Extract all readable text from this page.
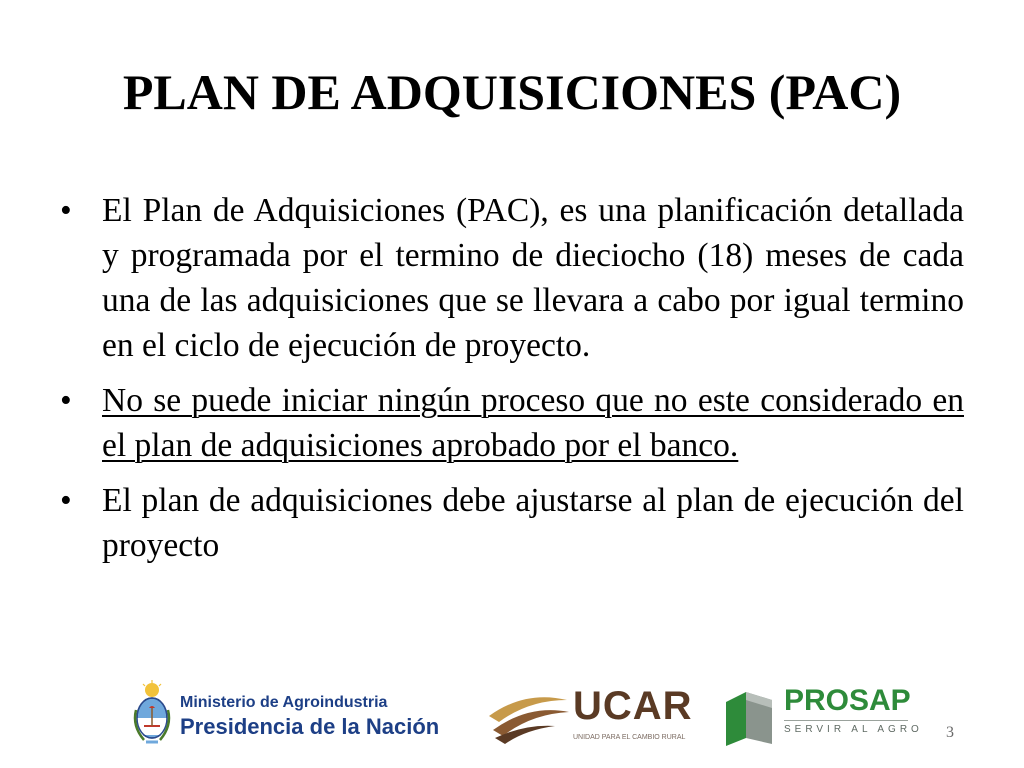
PLAN DE ADQUISICIONES (PAC)
• El Plan de Adquisiciones (PAC), es una planificación detallada y programada por el termino de dieciocho (18) meses de cada una de las adquisiciones que se llevara a cabo por igual termino en el ciclo de ejecución de proyecto.
• No se puede iniciar ningún proceso que no este considerado en el plan de adquisiciones aprobado por el banco.
• El plan de adquisiciones debe ajustarse al plan de ejecución del proyecto
Ministerio de Agroindustria
Presidencia de la Nación	UCAR
UNIDAD PARA EL CAMBIO RURAL
PROSAP
SERVIR AL AGRO 3
